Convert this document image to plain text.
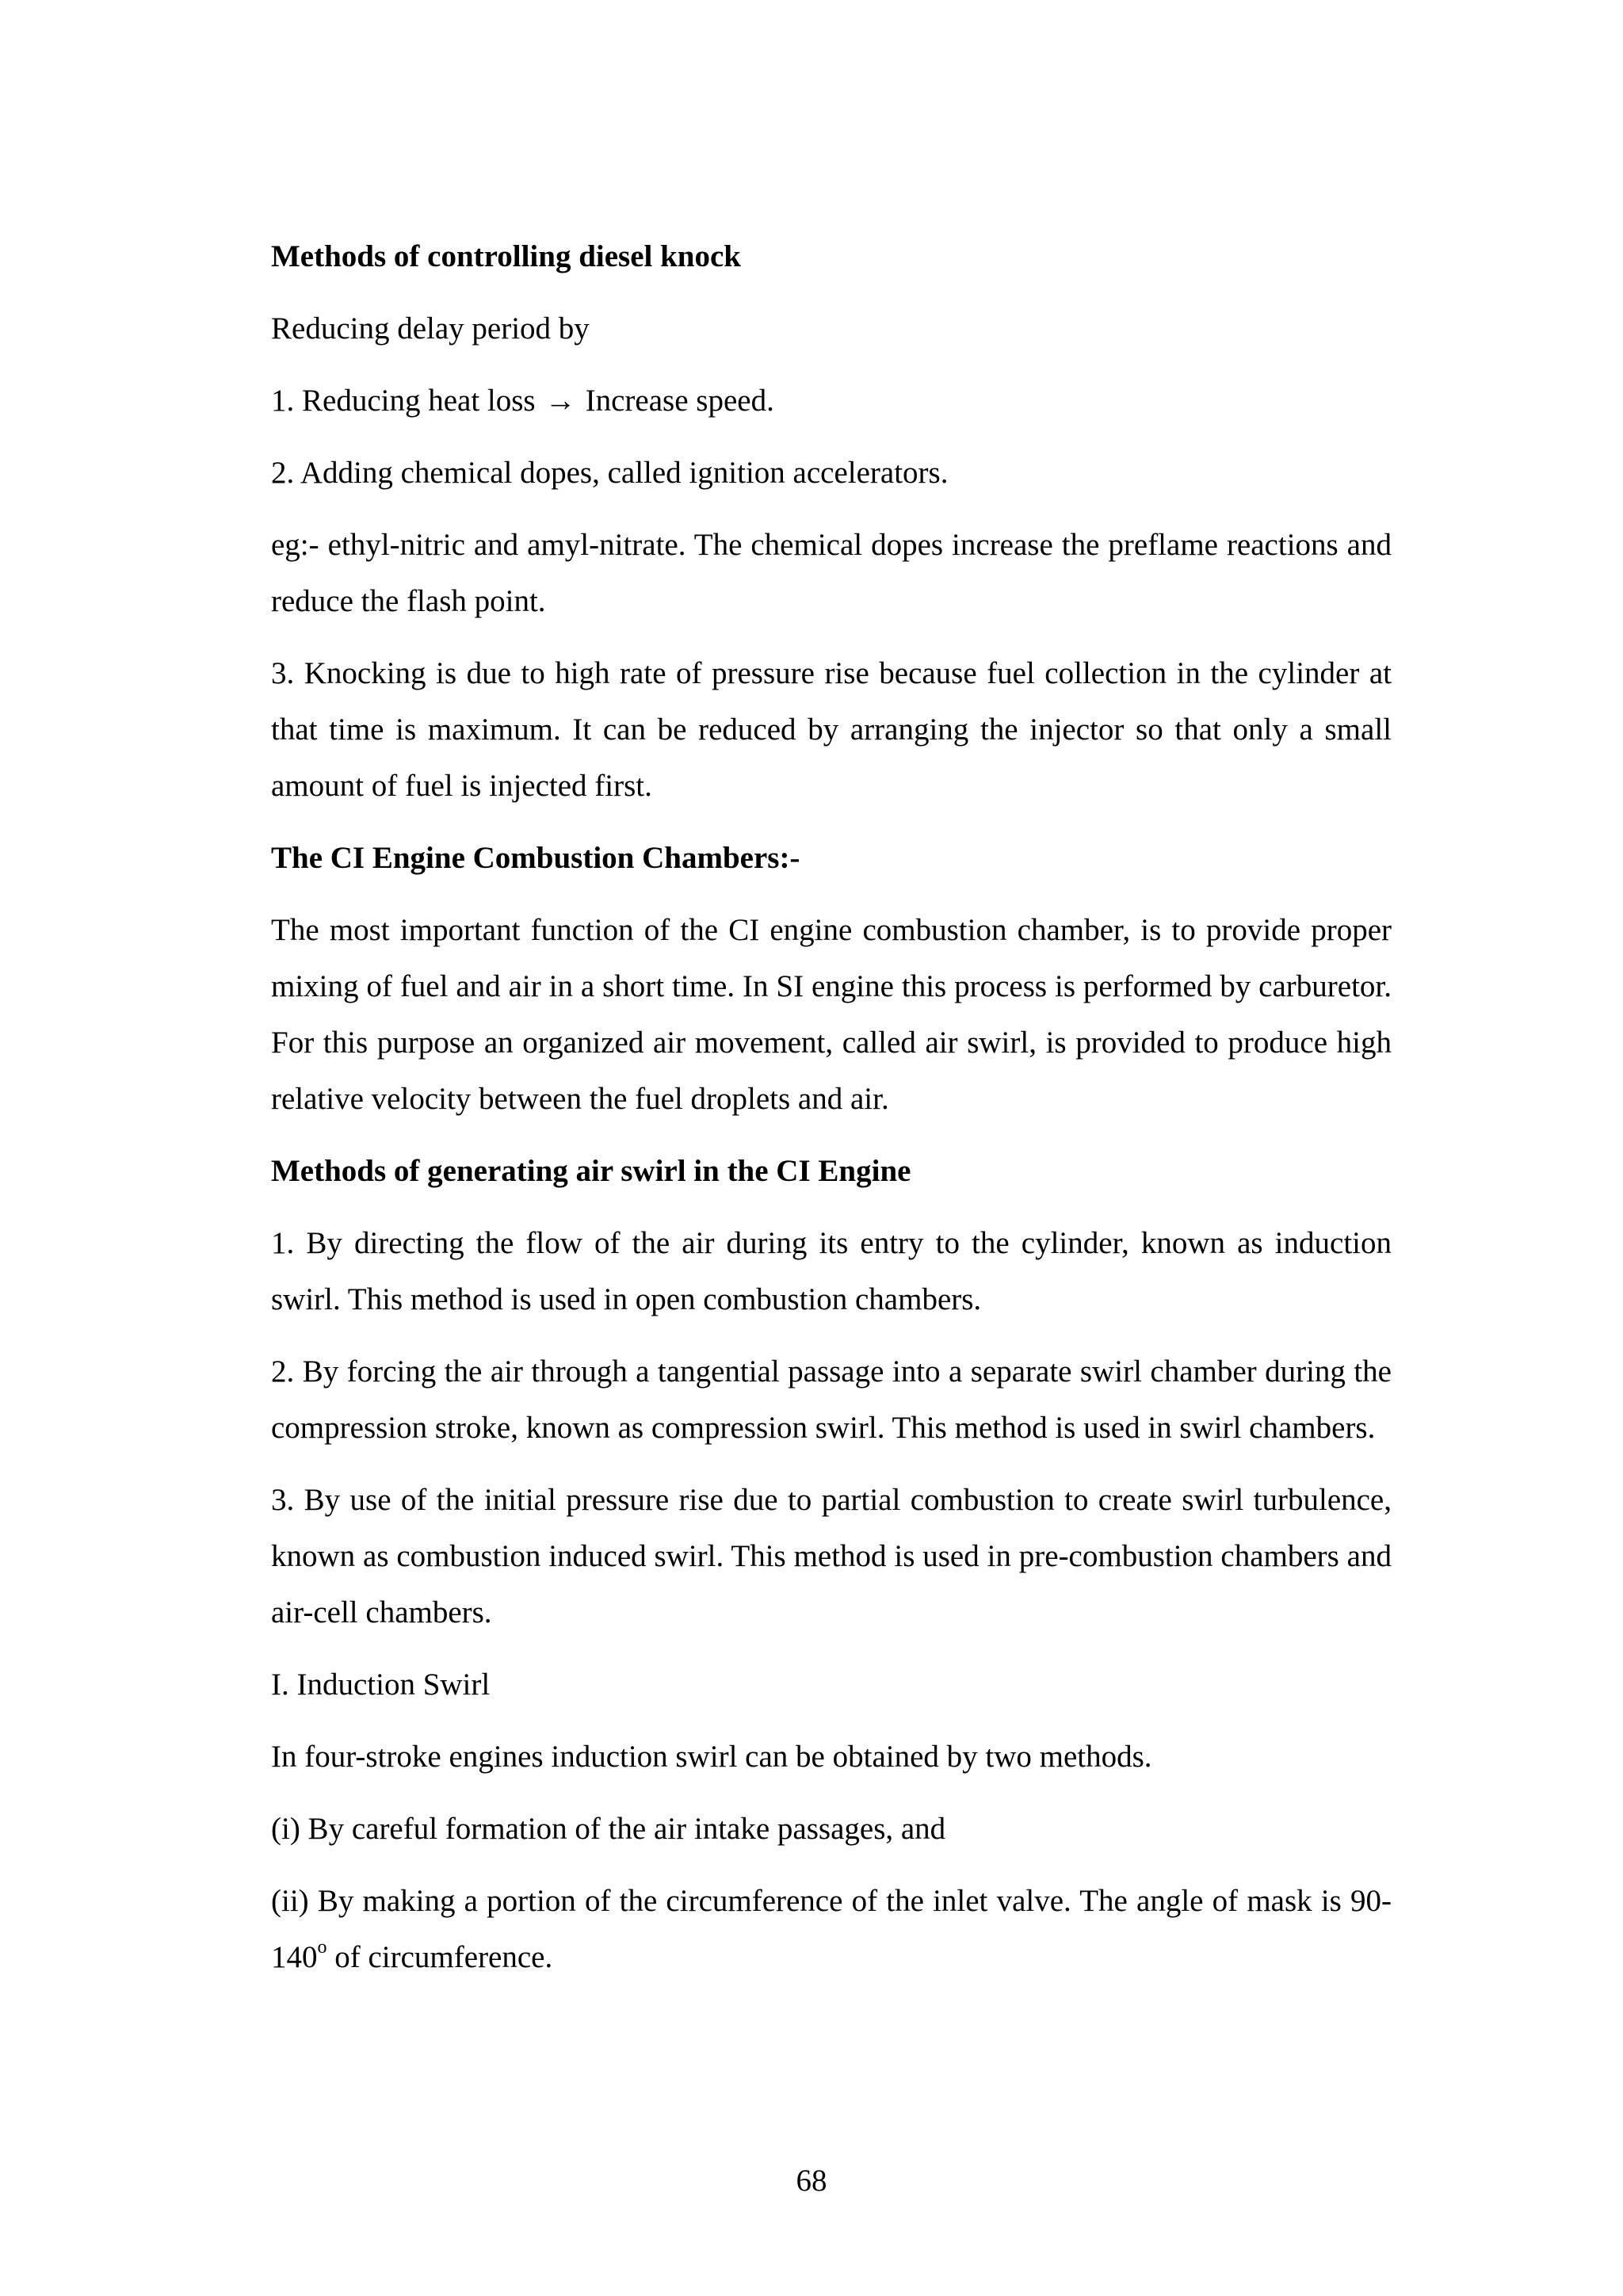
Methods of controlling diesel knock

Reducing delay period by

1. Reducing heat loss → Increase speed.

2. Adding chemical dopes, called ignition accelerators.

eg:- ethyl-nitric and amyl-nitrate. The chemical dopes increase the preflame reactions and reduce the flash point.

3. Knocking is due to high rate of pressure rise because fuel collection in the cylinder at that time is maximum. It can be reduced by arranging the injector so that only a small amount of fuel is injected first.

The CI Engine Combustion Chambers:-

The most important function of the CI engine combustion chamber, is to provide proper mixing of fuel and air in a short time. In SI engine this process is performed by carburetor. For this purpose an organized air movement, called air swirl, is provided to produce high relative velocity between the fuel droplets and air.

Methods of generating air swirl in the CI Engine

1. By directing the flow of the air during its entry to the cylinder, known as induction swirl. This method is used in open combustion chambers.

2. By forcing the air through a tangential passage into a separate swirl chamber during the compression stroke, known as compression swirl. This method is used in swirl chambers.

3. By use of the initial pressure rise due to partial combustion to create swirl turbulence, known as combustion induced swirl. This method is used in pre-combustion chambers and air-cell chambers.

I. Induction Swirl

In four-stroke engines induction swirl can be obtained by two methods.

(i) By careful formation of the air intake passages, and

(ii) By making a portion of the circumference of the inlet valve. The angle of mask is 90- 140$^o$ of circumference.

68
